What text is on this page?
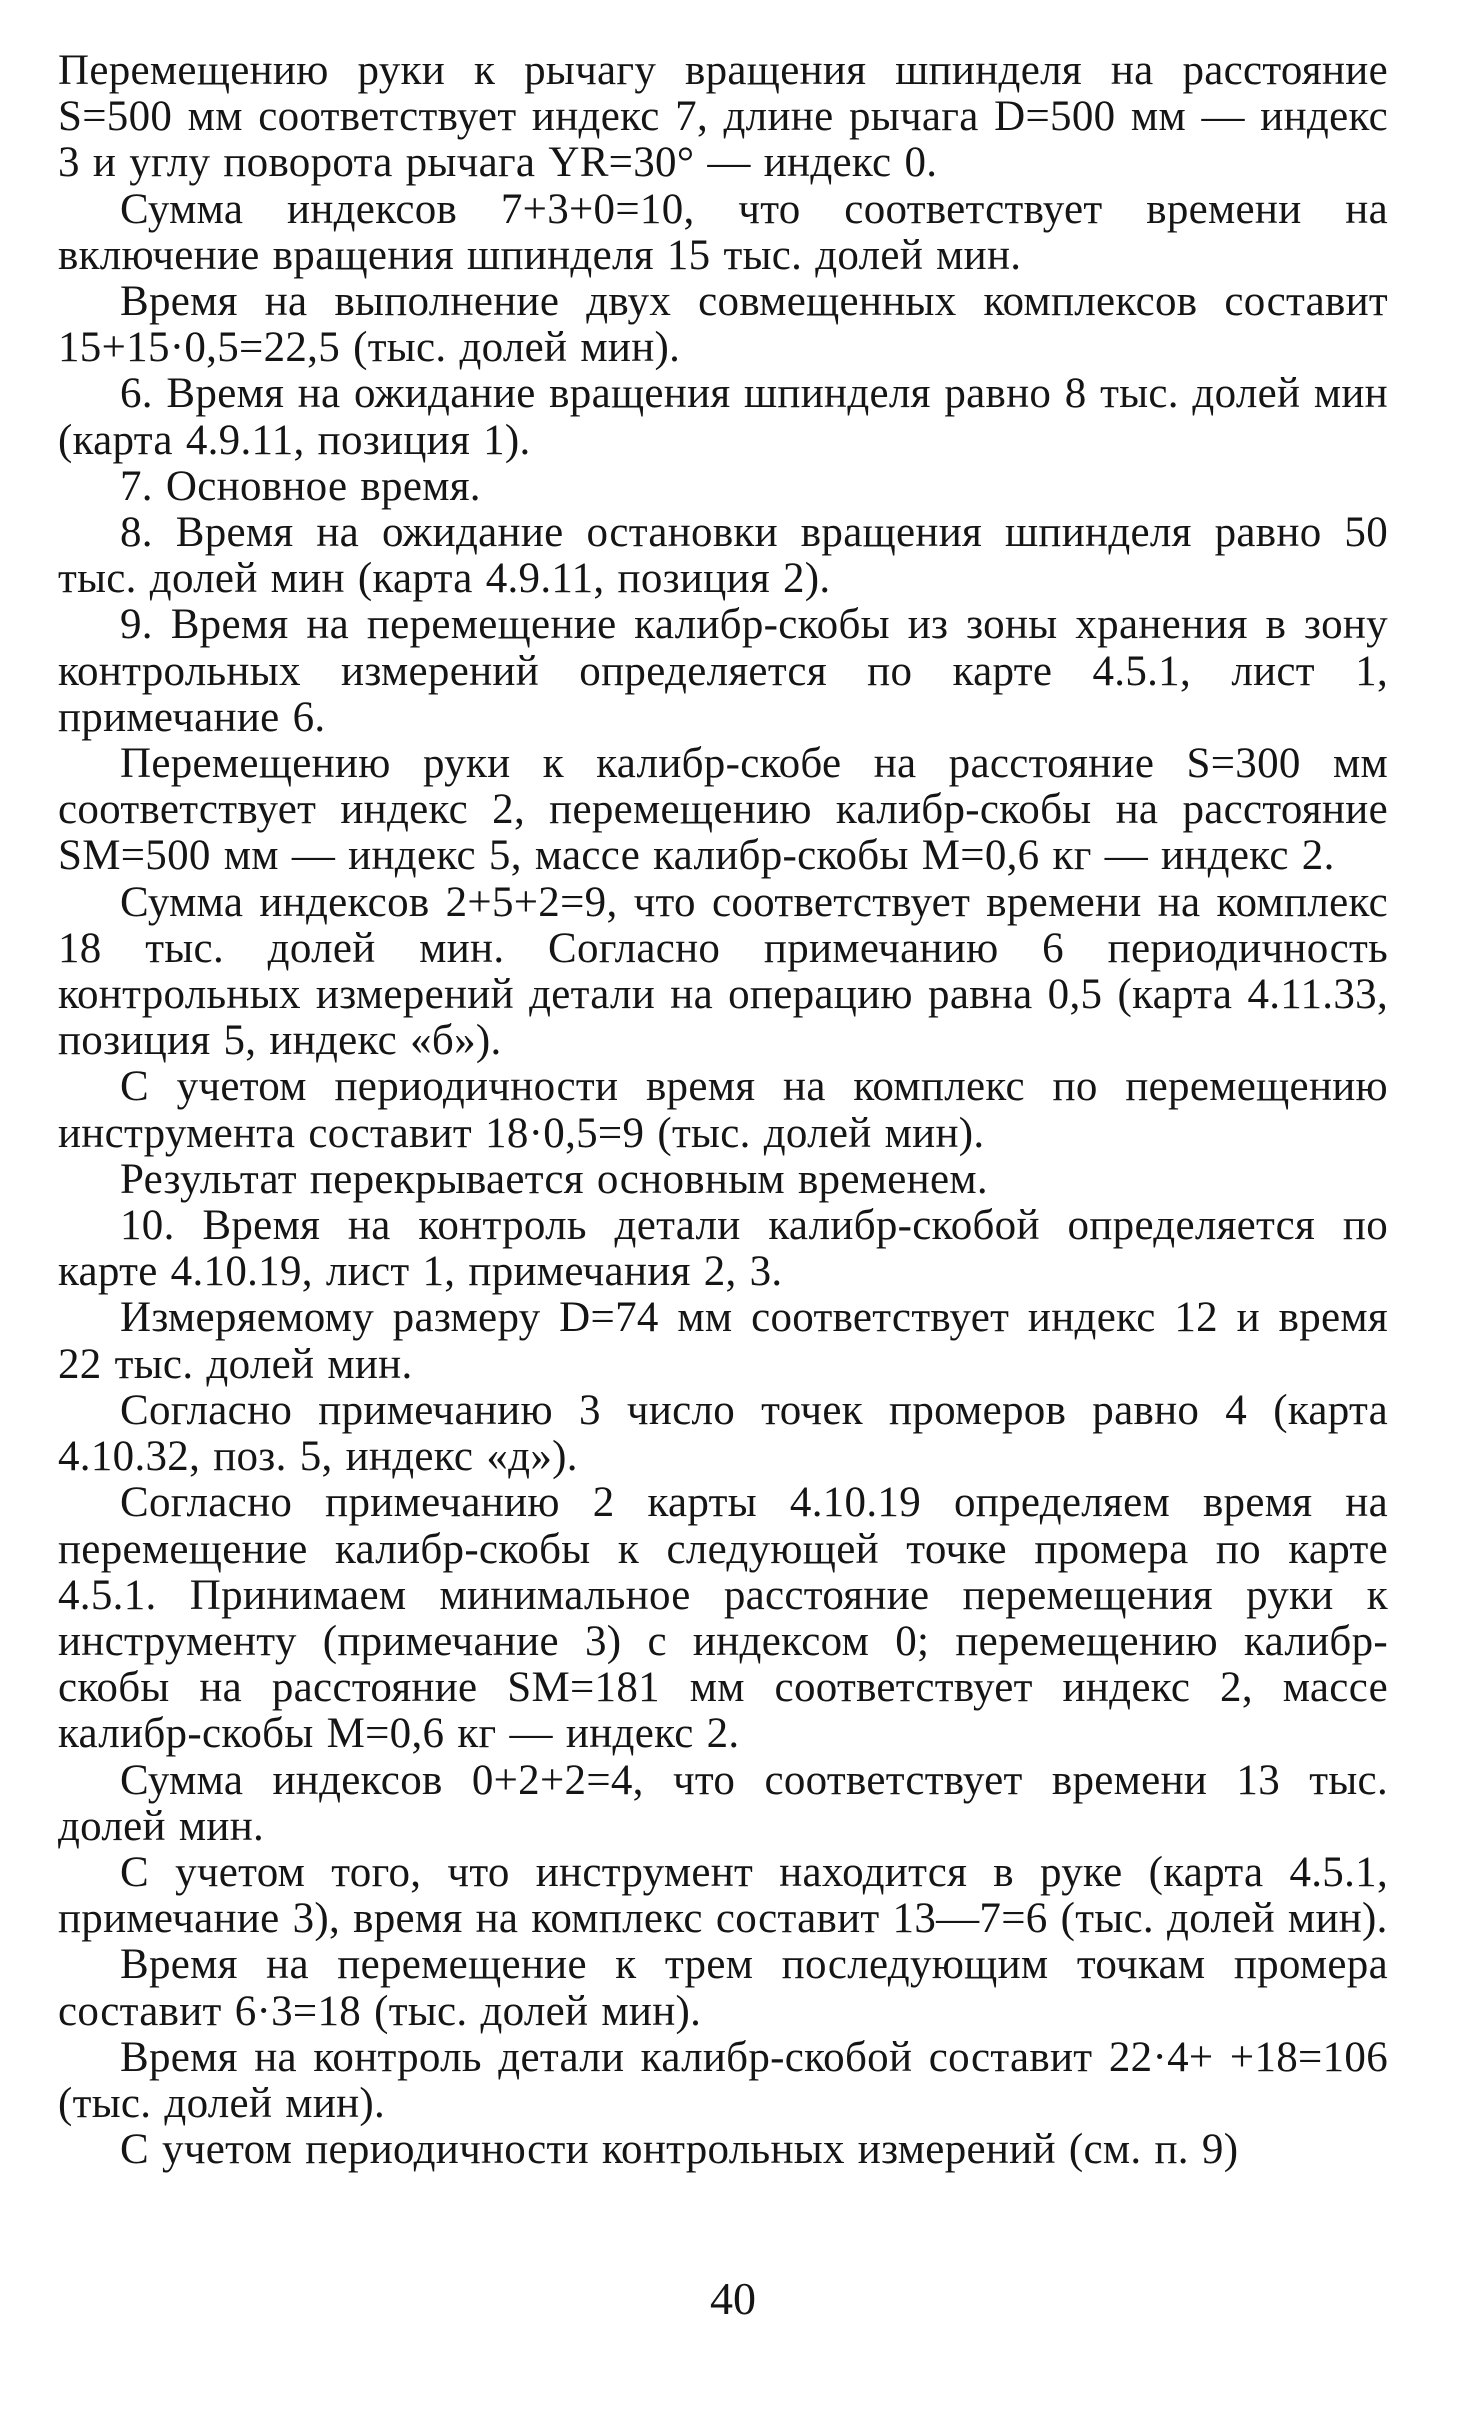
Перемещению руки к рычагу вращения шпинделя на расстояние S=500 мм соответствует индекс 7, длине рычага D=500 мм — индекс 3 и углу поворота рычага YR=30° — индекс 0.

Сумма индексов 7+3+0=10, что соответствует времени на включение вращения шпинделя 15 тыс. долей мин.

Время на выполнение двух совмещенных комплексов составит 15+15·0,5=22,5 (тыс. долей мин).

6. Время на ожидание вращения шпинделя равно 8 тыс. долей мин (карта 4.9.11, позиция 1).

7. Основное время.

8. Время на ожидание остановки вращения шпинделя равно 50 тыс. долей мин (карта 4.9.11, позиция 2).

9. Время на перемещение калибр-скобы из зоны хранения в зону контрольных измерений определяется по карте 4.5.1, лист 1, примечание 6.

Перемещению руки к калибр-скобе на расстояние S=300 мм соответствует индекс 2, перемещению калибр-скобы на расстояние SM=500 мм — индекс 5, массе калибр-скобы M=0,6 кг — индекс 2.

Сумма индексов 2+5+2=9, что соответствует времени на комплекс 18 тыс. долей мин. Согласно примечанию 6 периодичность контрольных измерений детали на операцию равна 0,5 (карта 4.11.33, позиция 5, индекс «б»).

С учетом периодичности время на комплекс по перемещению инструмента составит 18·0,5=9 (тыс. долей мин).

Результат перекрывается основным временем.

10. Время на контроль детали калибр-скобой определяется по карте 4.10.19, лист 1, примечания 2, 3.

Измеряемому размеру D=74 мм соответствует индекс 12 и время 22 тыс. долей мин.

Согласно примечанию 3 число точек промеров равно 4 (карта 4.10.32, поз. 5, индекс «д»).

Согласно примечанию 2 карты 4.10.19 определяем время на перемещение калибр-скобы к следующей точке промера по карте 4.5.1. Принимаем минимальное расстояние перемещения руки к инструменту (примечание 3) с индексом 0; перемещению калибр-скобы на расстояние SM=181 мм соответствует индекс 2, массе калибр-скобы M=0,6 кг — индекс 2.

Сумма индексов 0+2+2=4, что соответствует времени 13 тыс. долей мин.

С учетом того, что инструмент находится в руке (карта 4.5.1, примечание 3), время на комплекс составит 13—7=6 (тыс. долей мин).

Время на перемещение к трем последующим точкам промера составит 6·3=18 (тыс. долей мин).

Время на контроль детали калибр-скобой составит 22·4+ +18=106 (тыс. долей мин).

С учетом периодичности контрольных измерений (см. п. 9)

40
